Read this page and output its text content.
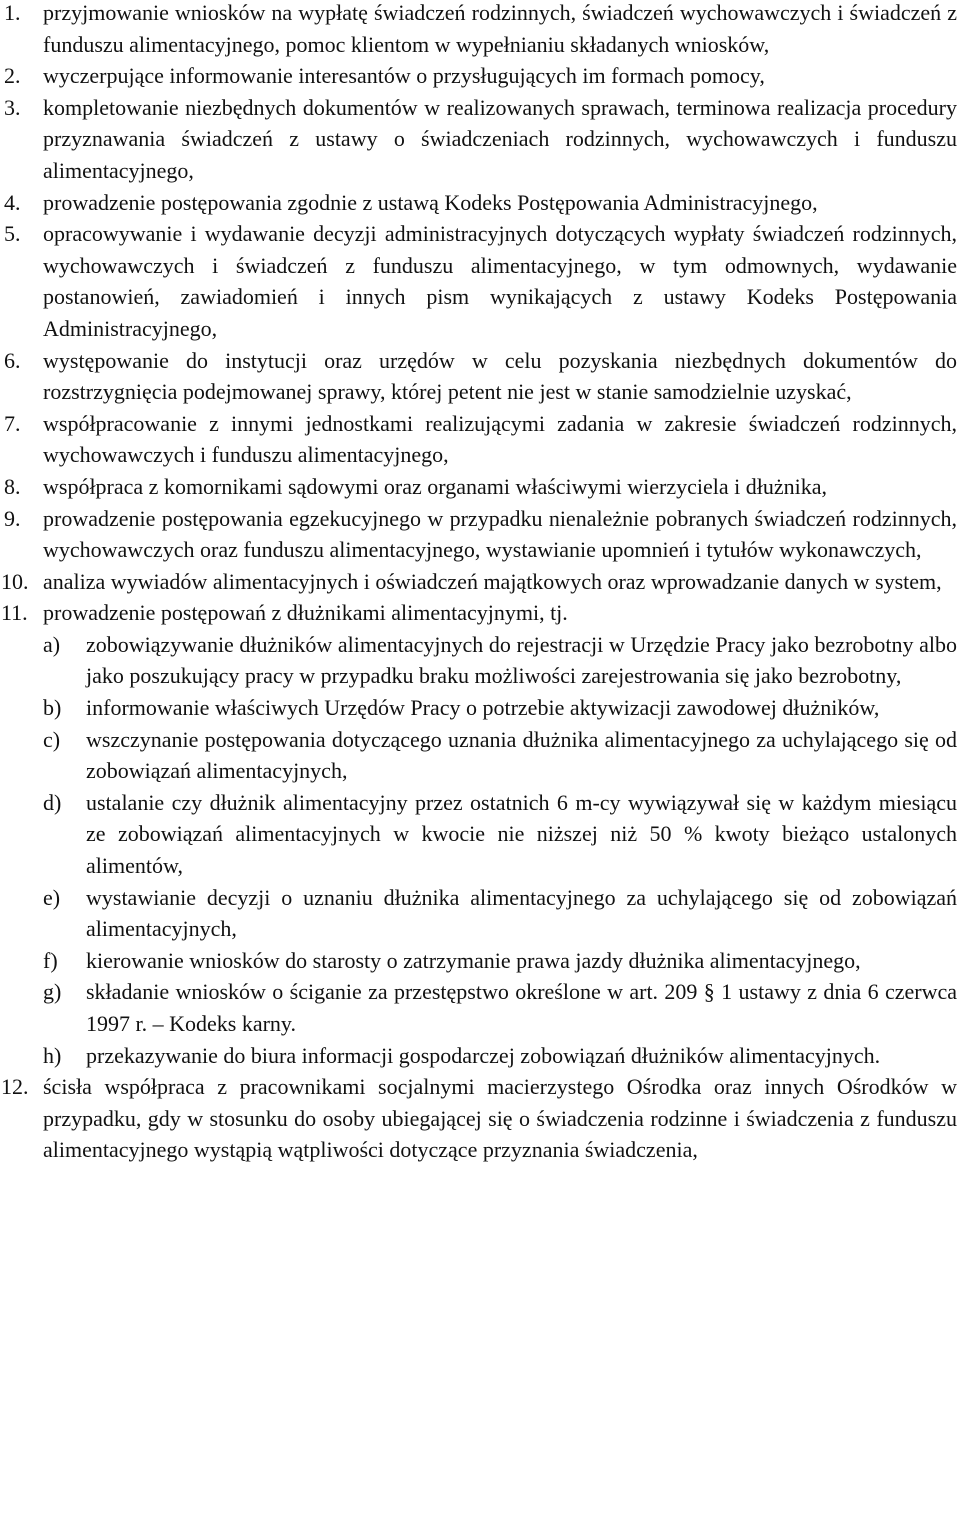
1. przyjmowanie wniosków na wypłatę świadczeń rodzinnych, świadczeń wychowawczych i świadczeń z funduszu alimentacyjnego, pomoc klientom w wypełnianiu składanych wniosków,
2. wyczerpujące informowanie interesantów o przysługujących im formach pomocy,
3. kompletowanie niezbędnych dokumentów w realizowanych sprawach, terminowa realizacja procedury przyznawania świadczeń z ustawy o świadczeniach rodzinnych, wychowawczych i funduszu alimentacyjnego,
4. prowadzenie postępowania zgodnie z ustawą Kodeks Postępowania Administracyjnego,
5. opracowywanie i wydawanie decyzji administracyjnych dotyczących wypłaty świadczeń rodzinnych, wychowawczych i świadczeń z funduszu alimentacyjnego, w tym odmownych, wydawanie postanowień, zawiadomień i innych pism wynikających z ustawy Kodeks Postępowania Administracyjnego,
6. występowanie do instytucji oraz urzędów w celu pozyskania niezbędnych dokumentów do rozstrzygnięcia podejmowanej sprawy, której petent nie jest w stanie samodzielnie uzyskać,
7. współpracowanie z innymi jednostkami realizującymi zadania w zakresie świadczeń rodzinnych, wychowawczych i funduszu alimentacyjnego,
8. współpraca z komornikami sądowymi oraz organami właściwymi wierzyciela i dłużnika,
9. prowadzenie postępowania egzekucyjnego w przypadku nienależnie pobranych świadczeń rodzinnych, wychowawczych oraz funduszu alimentacyjnego, wystawianie upomnień i tytułów wykonawczych,
10. analiza wywiadów alimentacyjnych i oświadczeń majątkowych oraz wprowadzanie danych w system,
11. prowadzenie postępowań z dłużnikami alimentacyjnymi, tj.
a) zobowiązywanie dłużników alimentacyjnych do rejestracji w Urzędzie Pracy jako bezrobotny albo jako poszukujący pracy w przypadku braku możliwości zarejestrowania się jako bezrobotny,
b) informowanie właściwych Urzędów Pracy o potrzebie aktywizacji zawodowej dłużników,
c) wszczynanie postępowania dotyczącego uznania dłużnika alimentacyjnego za uchylającego się od zobowiązań alimentacyjnych,
d) ustalanie czy dłużnik alimentacyjny przez ostatnich 6 m-cy wywiązywał się w każdym miesiącu ze zobowiązań alimentacyjnych w kwocie nie niższej niż 50 % kwoty bieżąco ustalonych alimentów,
e) wystawianie decyzji o uznaniu dłużnika alimentacyjnego za uchylającego się od zobowiązań alimentacyjnych,
f) kierowanie wniosków do starosty o zatrzymanie prawa jazdy dłużnika alimentacyjnego,
g) składanie wniosków o ściganie za przestępstwo określone w art. 209 § 1 ustawy z dnia 6 czerwca 1997 r. – Kodeks karny.
h) przekazywanie do biura informacji gospodarczej zobowiązań dłużników alimentacyjnych.
12. ścisła współpraca z pracownikami socjalnymi macierzystego Ośrodka oraz innych Ośrodków w przypadku, gdy w stosunku do osoby ubiegającej się o świadczenia rodzinne i świadczenia z funduszu alimentacyjnego wystąpią wątpliwości dotyczące przyznania świadczenia,
